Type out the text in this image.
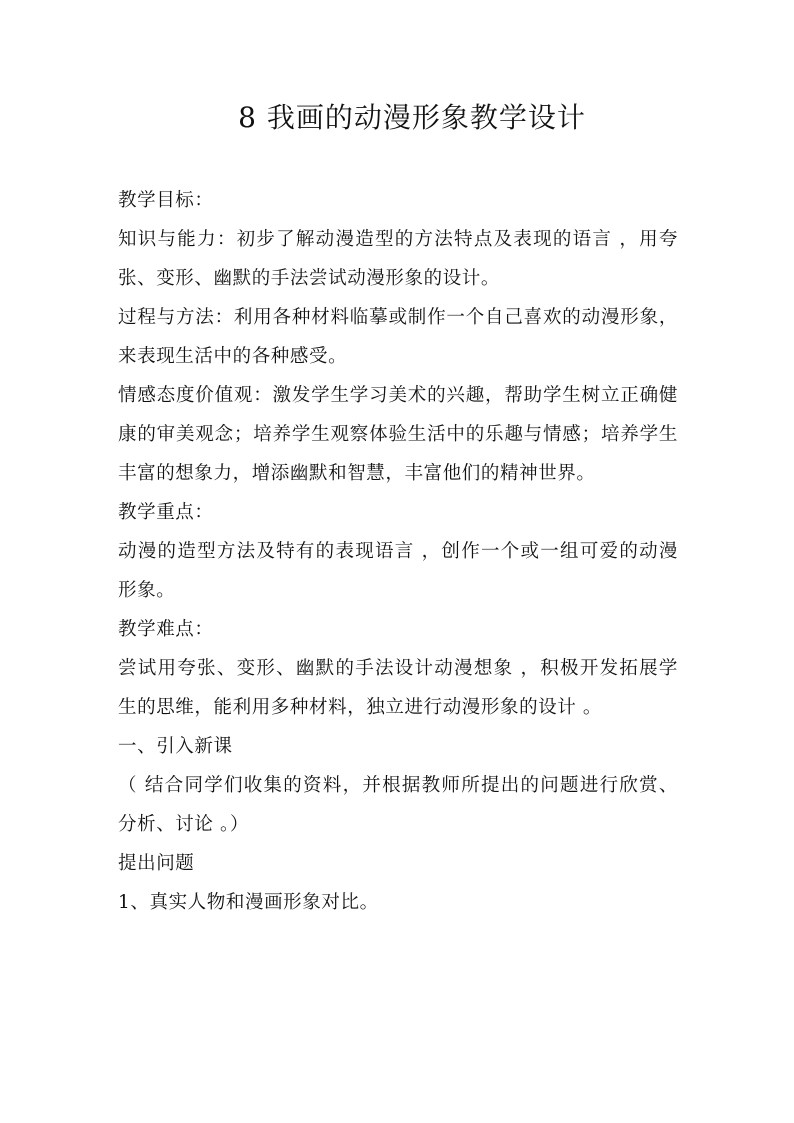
8 我画的动漫形象教学设计

教学目标：

知识与能力：初步了解动漫造型的方法特点及表现的语言 ，用夸张、变形、幽默的手法尝试动漫形象的设计。

过程与方法：利用各种材料临摹或制作一个自己喜欢的动漫形象，来表现生活中的各种感受。

情感态度价值观：激发学生学习美术的兴趣，帮助学生树立正确健康的审美观念；培养学生观察体验生活中的乐趣与情感；培养学生丰富的想象力，增添幽默和智慧，丰富他们的精神世界。

教学重点：

动漫的造型方法及特有的表现语言 ，创作一个或一组可爱的动漫形象。

教学难点：

尝试用夸张、变形、幽默的手法设计动漫想象 ，积极开发拓展学生的思维，能利用多种材料，独立进行动漫形象的设计 。

一、引入新课

（ 结合同学们收集的资料，并根据教师所提出的问题进行欣赏、分析、讨论 。）

提出问题

1、真实人物和漫画形象对比。
